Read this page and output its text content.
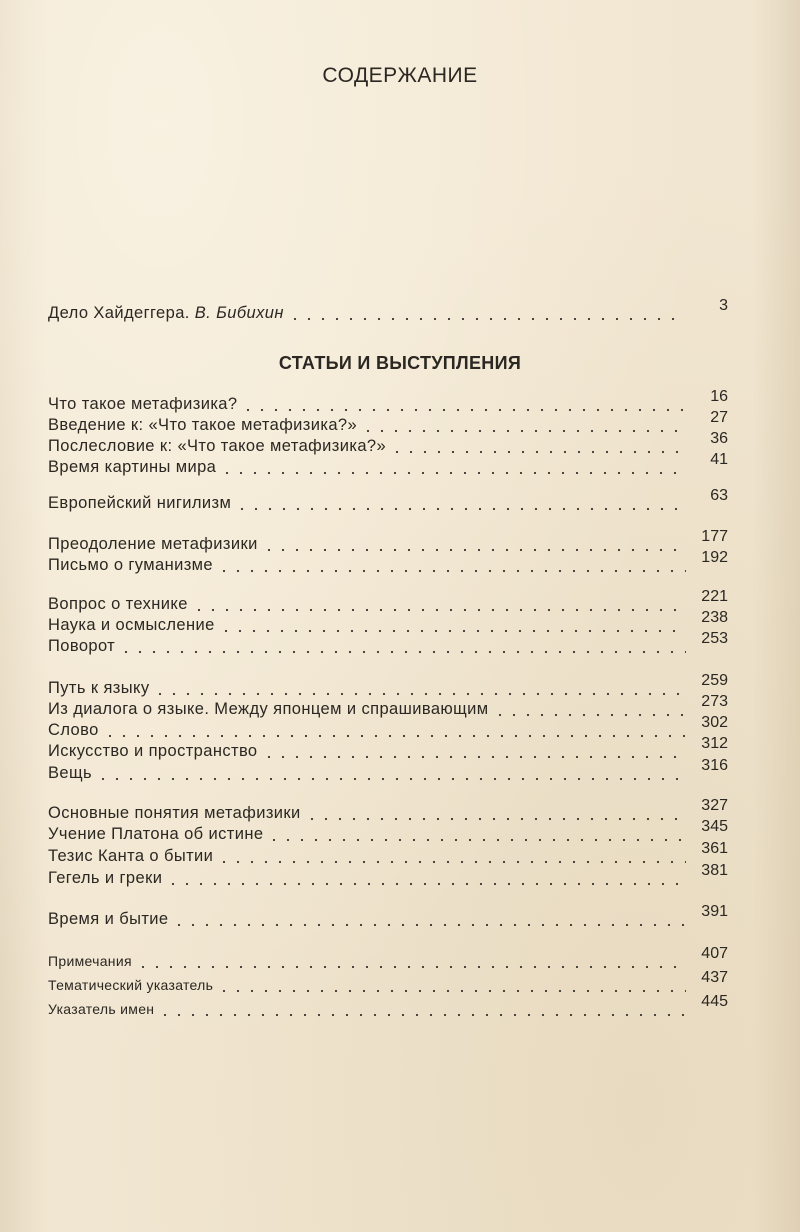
СОДЕРЖАНИЕ
Дело Хайдеггера. В. Бибихин	3
Что такое метафизика?	16
Введение к: «Что такое метафизика?»	27
Послесловие к: «Что такое метафизика?»	36
Время картины мира	41
Европейский нигилизм	63
Преодоление метафизики	177
Письмо о гуманизме	192
Вопрос о технике	221
Наука и осмысление	238
Поворот	253
Путь к языку	259
Из диалога о языке. Между японцем и спрашивающим	273
Слово	302
Искусство и пространство	312
Вещь	316
Основные понятия метафизики	327
Учение Платона об истине	345
Тезис Канта о бытии	361
Гегель и греки	381
Время и бытие	391
Примечания	407
Тематический указатель	437
Указатель имен	445
СТАТЬИ И ВЫСТУПЛЕНИЯ
